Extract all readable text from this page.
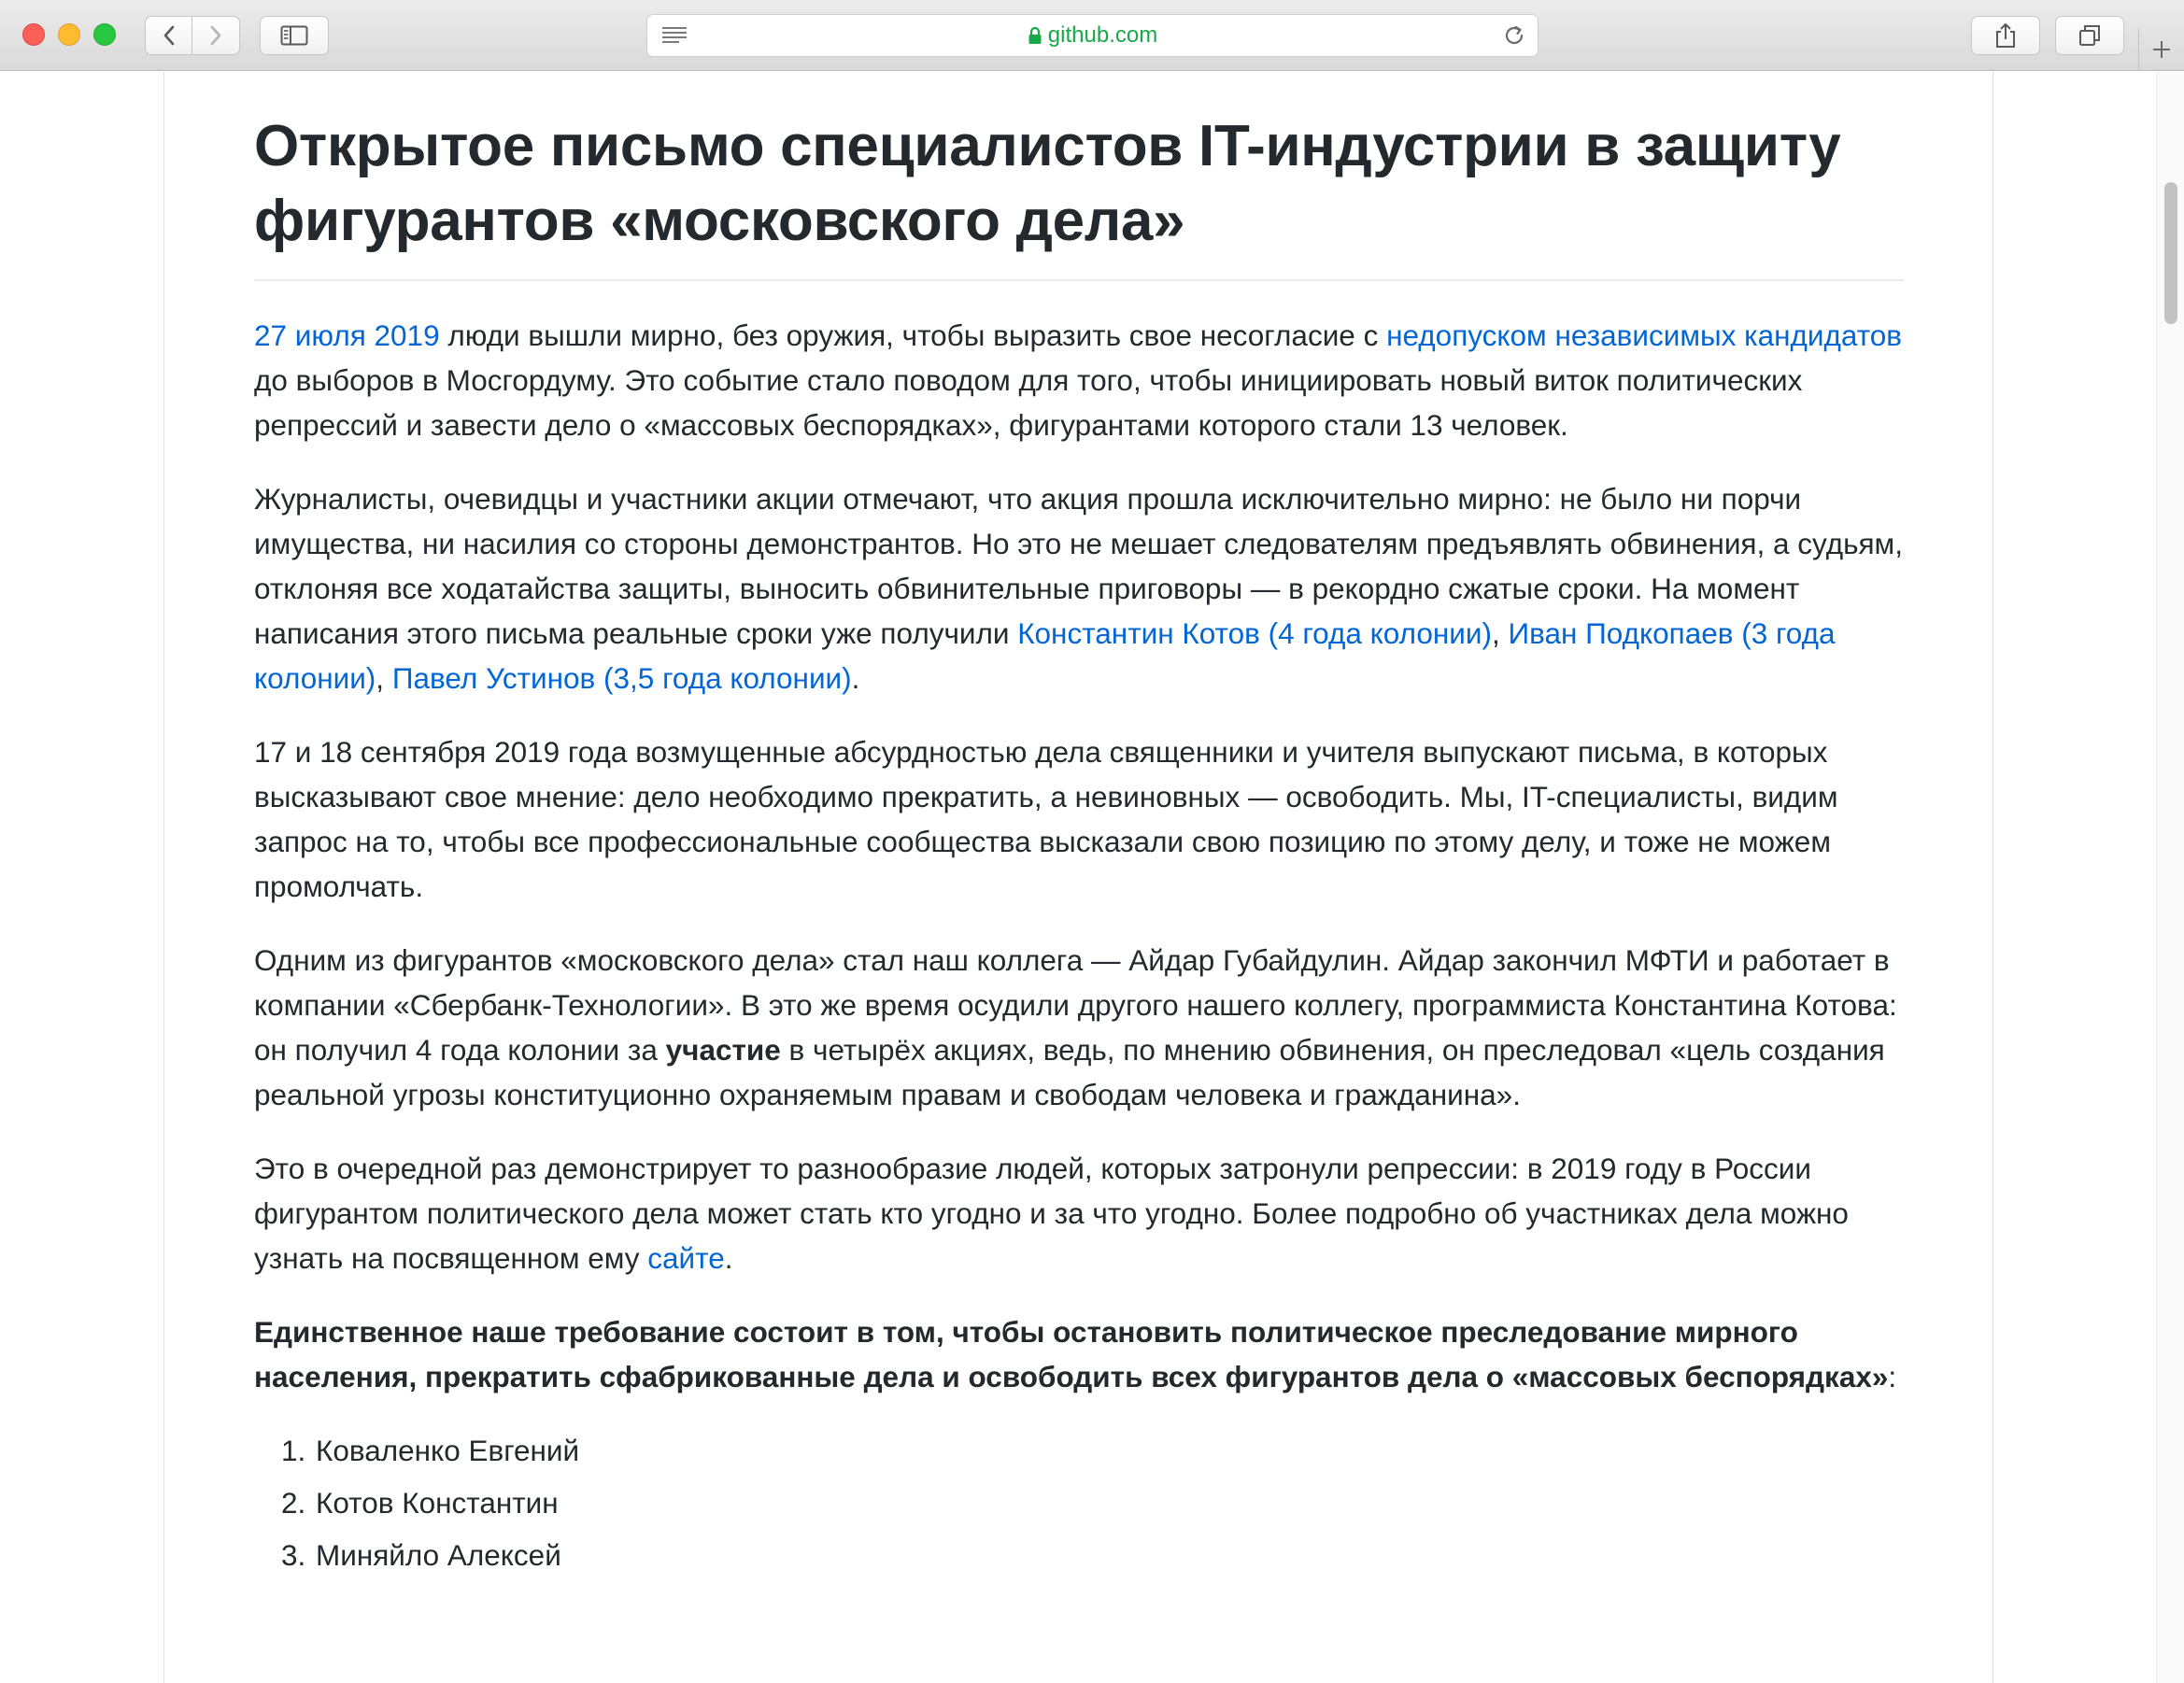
github.com
Открытое письмо специалистов IT-индустрии в защиту фигурантов «московского дела»

27 июля 2019 люди вышли мирно, без оружия, чтобы выразить свое несогласие с недопуском независимых кандидатов до выборов в Мосгордуму. Это событие стало поводом для того, чтобы инициировать новый виток политических репрессий и завести дело о «массовых беспорядках», фигурантами которого стали 13 человек.

Журналисты, очевидцы и участники акции отмечают, что акция прошла исключительно мирно: не было ни порчи имущества, ни насилия со стороны демонстрантов. Но это не мешает следователям предъявлять обвинения, а судьям, отклоняя все ходатайства защиты, выносить обвинительные приговоры — в рекордно сжатые сроки. На момент написания этого письма реальные сроки уже получили Константин Котов (4 года колонии), Иван Подкопаев (3 года колонии), Павел Устинов (3,5 года колонии).

17 и 18 сентября 2019 года возмущенные абсурдностью дела священники и учителя выпускают письма, в которых высказывают свое мнение: дело необходимо прекратить, а невиновных — освободить. Мы, IT-специалисты, видим запрос на то, чтобы все профессиональные сообщества высказали свою позицию по этому делу, и тоже не можем промолчать.

Одним из фигурантов «московского дела» стал наш коллега — Айдар Губайдулин. Айдар закончил МФТИ и работает в компании «Сбербанк-Технологии». В это же время осудили другого нашего коллегу, программиста Константина Котова: он получил 4 года колонии за участие в четырёх акциях, ведь, по мнению обвинения, он преследовал «цель создания реальной угрозы конституционно охраняемым правам и свободам человека и гражданина».

Это в очередной раз демонстрирует то разнообразие людей, которых затронули репрессии: в 2019 году в России фигурантом политического дела может стать кто угодно и за что угодно. Более подробно об участниках дела можно узнать на посвященном ему сайте.

Единственное наше требование состоит в том, чтобы остановить политическое преследование мирного населения, прекратить сфабрикованные дела и освободить всех фигурантов дела о «массовых беспорядках»:

1. Коваленко Евгений
2. Котов Константин
3. Миняйло Алексей
